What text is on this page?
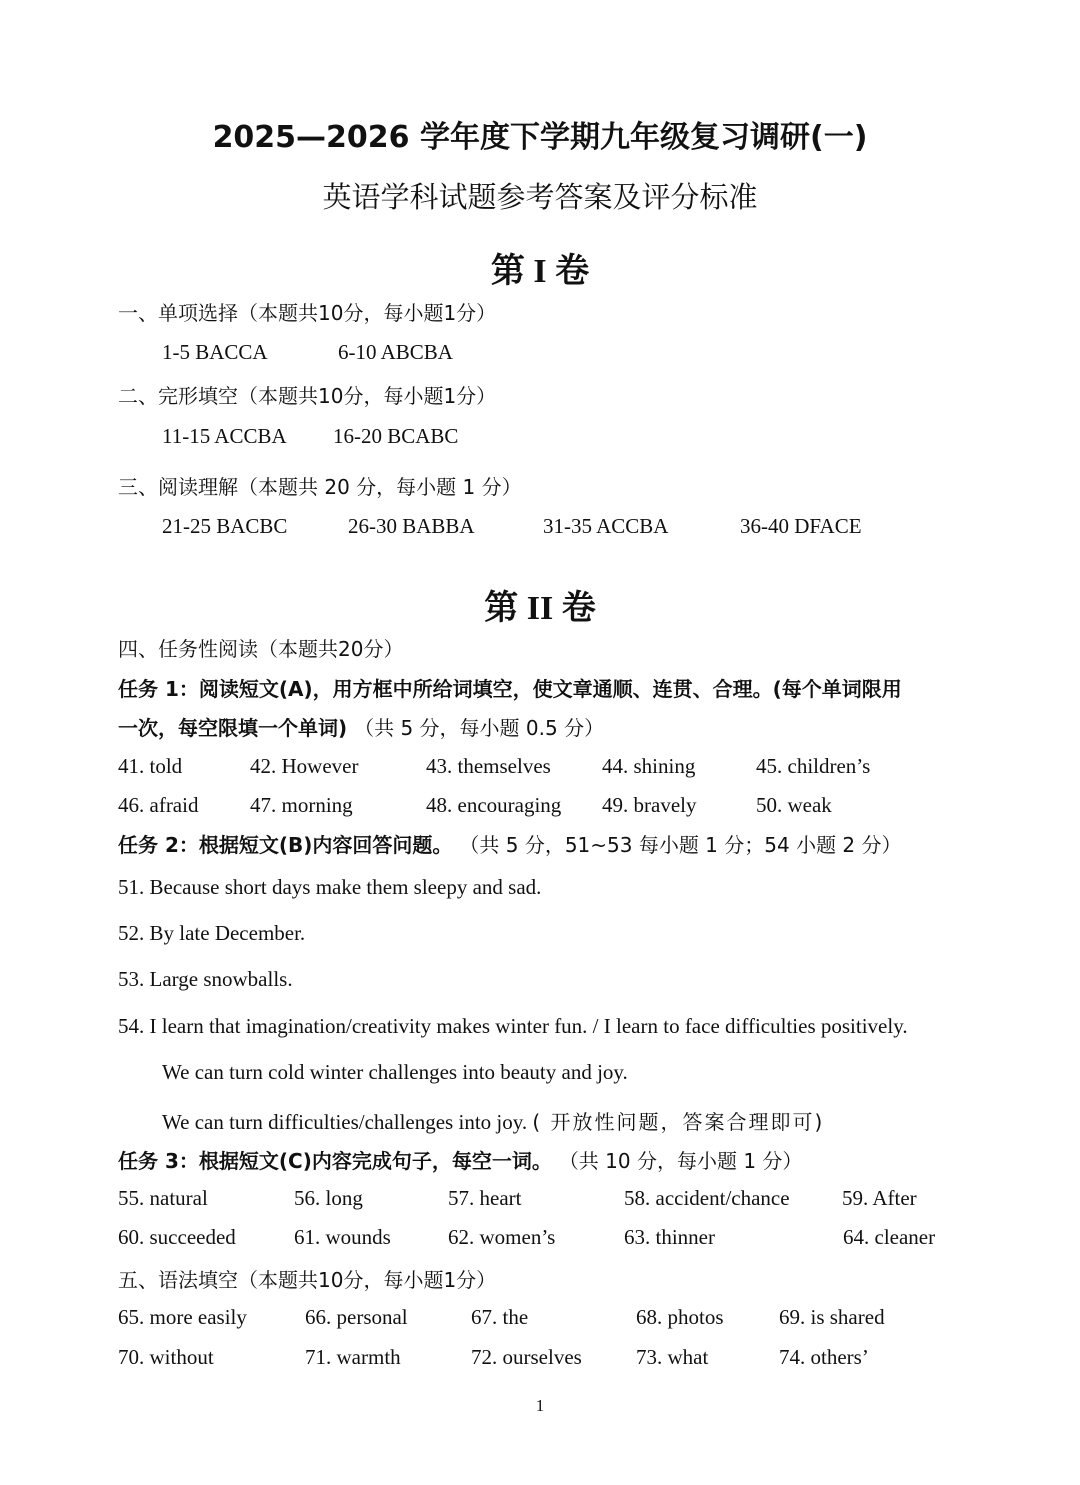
2025—2026 学年度下学期九年级复习调研(一)
英语学科试题参考答案及评分标准
第 I 卷
一、单项选择（本题共10分，每小题1分）
1-5 BACCA	6-10 ABCBA
二、完形填空（本题共10分，每小题1分）
11-15 ACCBA 16-20 BCABC
三、阅读理解（本题共 20 分，每小题 1 分）
21-25 BACBC	26-30 BABBA	31-35 ACCBA	36-40 DFACE
第 II 卷
四、任务性阅读（本题共20分）
任务 1：阅读短文(A)，用方框中所给词填空，使文章通顺、连贯、合理。(每个单词限用
一次，每空限填一个单词) （共 5 分，每小题 0.5 分）
41. told	42. However	43. themselves 44. shining	45. children’s
46. afraid 47. morning	48. encouraging 49. bravely	50. weak
任务 2：根据短文(B)内容回答问题。 （共 5 分，51~53 每小题 1 分；54 小题 2 分）
51. Because short days make them sleepy and sad.
52. By late December.
53. Large snowballs.
54. I learn that imagination/creativity makes winter fun. / I learn to face difficulties positively.
We can turn cold winter challenges into beauty and joy.
We can turn difficulties/challenges into joy. ( 开放性问题，答案合理即可)
任务 3：根据短文(C)内容完成句子，每空一词。 （共 10 分，每小题 1 分）
55. natural	56. long	57. heart	58. accident/chance 59. After
60. succeeded	61. wounds	62. women’s	63. thinner	64. cleaner
五、语法填空（本题共10分，每小题1分）
65. more easily	66. personal	67. the	68. photos	69. is shared
70. without	71. warmth	72. ourselves	73. what	74. others’
1
